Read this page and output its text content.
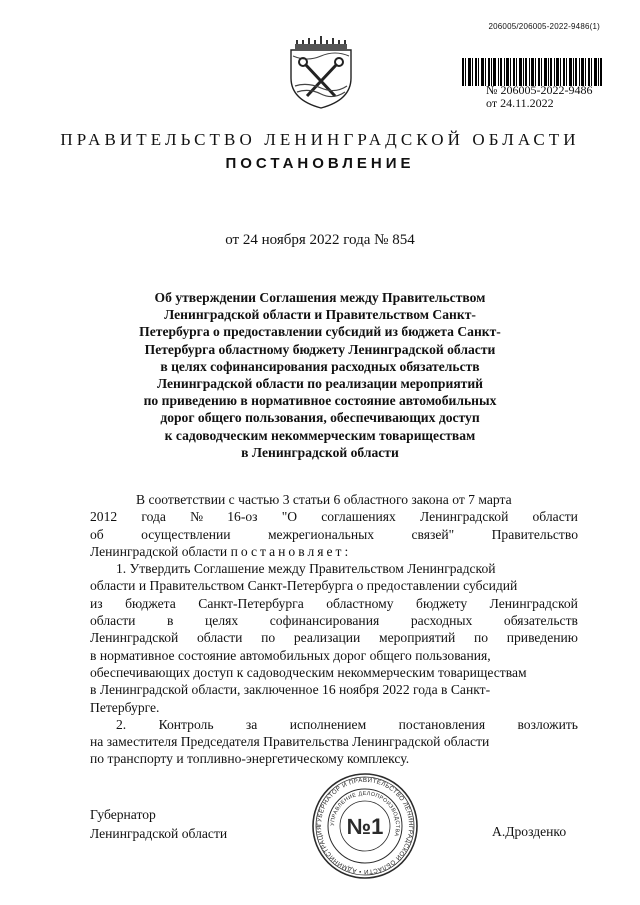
206005/206005-2022-9486(1)
№ 206005-2022-9486
от 24.11.2022
ПРАВИТЕЛЬСТВО ЛЕНИНГРАДСКОЙ ОБЛАСТИ
ПОСТАНОВЛЕНИЕ
от 24 ноября 2022 года № 854
Об утверждении Соглашения между Правительством
Ленинградской области и Правительством Санкт-
Петербурга о предоставлении субсидий из бюджета Санкт-
Петербурга областному бюджету Ленинградской области
в целях софинансирования расходных обязательств
Ленинградской области по реализации мероприятий
по приведению в нормативное состояние автомобильных
дорог общего пользования, обеспечивающих доступ
к садоводческим некоммерческим товариществам
в Ленинградской области
В соответствии с частью 3 статьи 6 областного закона от 7 марта
2012 года № 16-оз "О соглашениях Ленинградской области
об	осуществлении	межрегиональных	связей"	Правительство
Ленинградской области
постановляет:
1. Утвердить Соглашение между Правительством Ленинградской
области и Правительством Санкт-Петербурга о предоставлении субсидий
из бюджета Санкт-Петербурга областному бюджету Ленинградской
области в целях софинансирования расходных обязательств
Ленинградской области по реализации мероприятий по приведению
в нормативное состояние автомобильных дорог общего пользования,
обеспечивающих доступ к садоводческим некоммерческим товариществам
в Ленинградской области, заключенное 16 ноября 2022 года в Санкт-
Петербурге.
2. Контроль за исполнением постановления возложить
на заместителя Председателя Правительства Ленинградской области
по транспорту и топливно-энергетическому комплексу.
Губернатор
Ленинградской области
ГУБЕРНАТОР И ПРАВИТЕЛЬСТВО ЛЕНИНГРАДСКОЙ ОБЛАСТИ • АДМИНИСТРАЦИЯ
УПРАВЛЕНИЕ ДЕЛОПРОИЗВОДСТВА
№1	А.Дрозденко
